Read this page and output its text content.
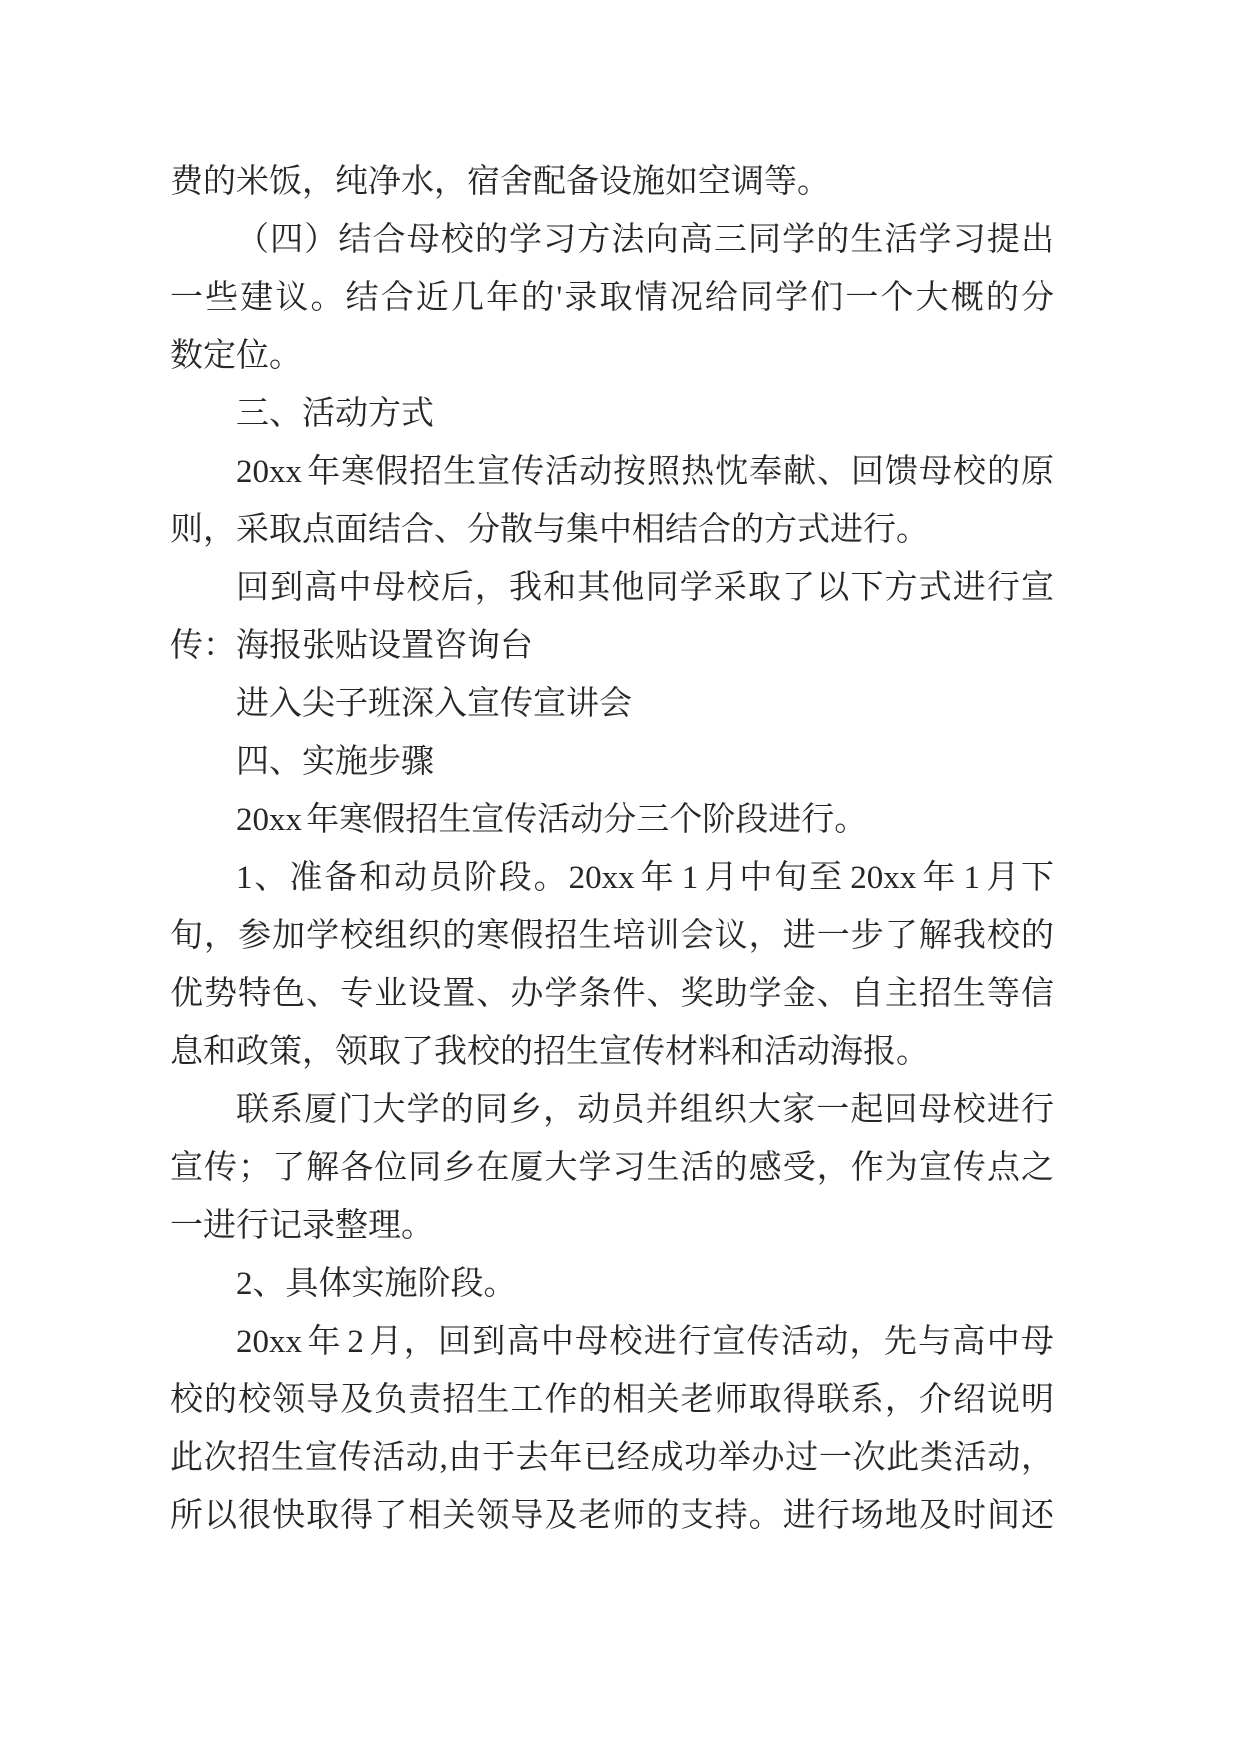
费的米饭，纯净水，宿舍配备设施如空调等。
（四）结合母校的学习方法向高三同学的生活学习提出
一些建议。结合近几年的'录取情况给同学们一个大概的分
数定位。
三、活动方式
20xx 年寒假招生宣传活动按照热忱奉献、回馈母校的原
则，采取点面结合、分散与集中相结合的方式进行。
回到高中母校后，我和其他同学采取了以下方式进行宣
传：海报张贴设置咨询台
进入尖子班深入宣传宣讲会
四、实施步骤
20xx 年寒假招生宣传活动分三个阶段进行。
1、准备和动员阶段。20xx 年 1 月中旬至 20xx 年 1 月下
旬，参加学校组织的寒假招生培训会议，进一步了解我校的
优势特色、专业设置、办学条件、奖助学金、自主招生等信
息和政策，领取了我校的招生宣传材料和活动海报。
联系厦门大学的同乡，动员并组织大家一起回母校进行
宣传；了解各位同乡在厦大学习生活的感受，作为宣传点之
一进行记录整理。
2、具体实施阶段。
20xx 年 2 月，回到高中母校进行宣传活动，先与高中母
校的校领导及负责招生工作的相关老师取得联系，介绍说明
此次招生宣传活动,由于去年已经成功举办过一次此类活动，
所以很快取得了相关领导及老师的支持。进行场地及时间还
